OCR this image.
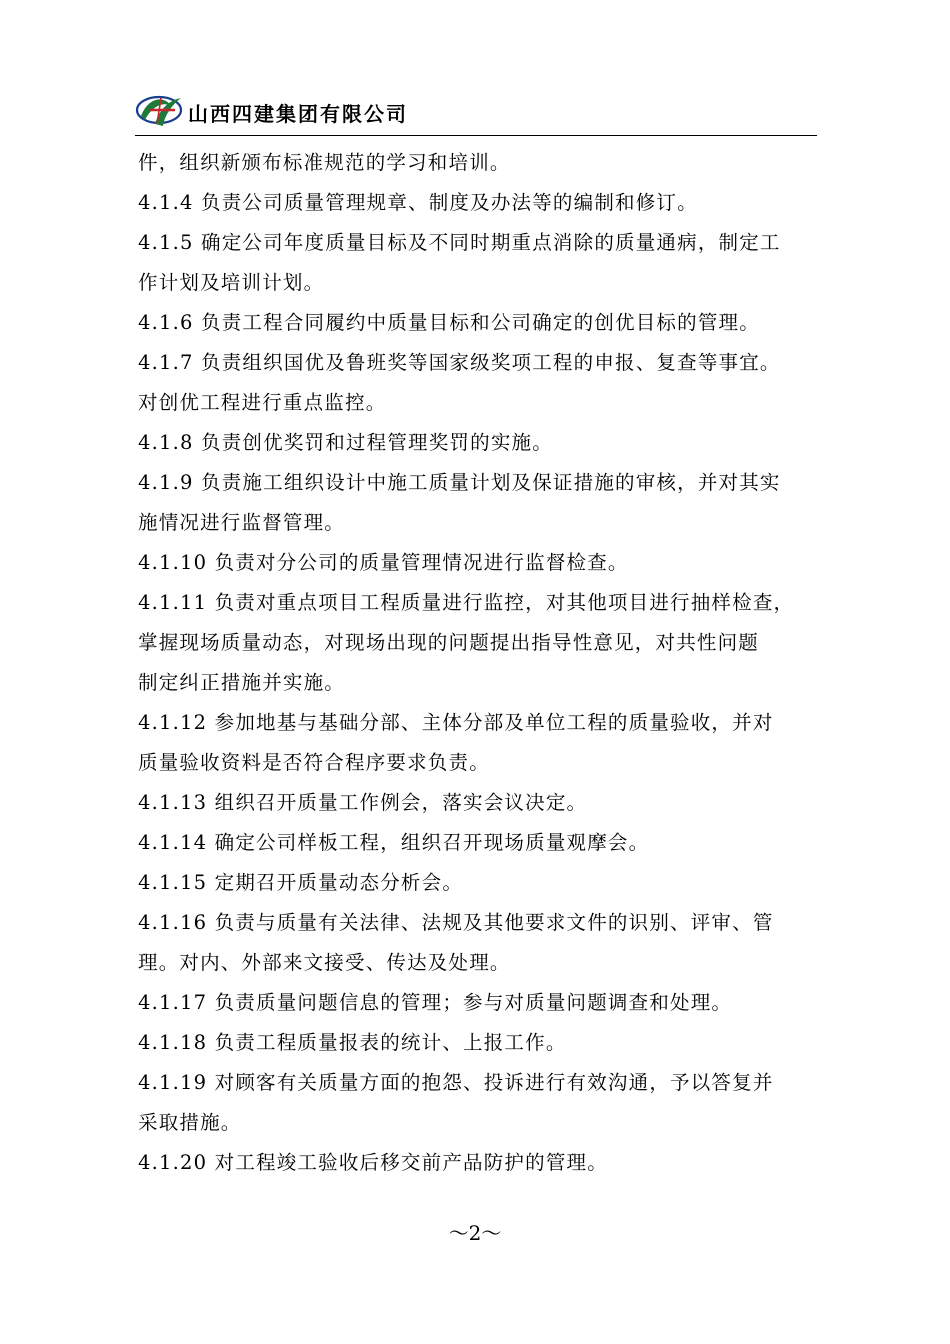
山西四建集团有限公司
件，组织新颁布标准规范的学习和培训。
4.1.4 负责公司质量管理规章、制度及办法等的编制和修订。
4.1.5 确定公司年度质量目标及不同时期重点消除的质量通病，制定工
作计划及培训计划。
4.1.6 负责工程合同履约中质量目标和公司确定的创优目标的管理。
4.1.7 负责组织国优及鲁班奖等国家级奖项工程的申报、复查等事宜。
对创优工程进行重点监控。
4.1.8 负责创优奖罚和过程管理奖罚的实施。
4.1.9 负责施工组织设计中施工质量计划及保证措施的审核，并对其实
施情况进行监督管理。
4.1.10 负责对分公司的质量管理情况进行监督检查。
4.1.11 负责对重点项目工程质量进行监控，对其他项目进行抽样检查，
掌握现场质量动态，对现场出现的问题提出指导性意见，对共性问题
制定纠正措施并实施。
4.1.12 参加地基与基础分部、主体分部及单位工程的质量验收，并对
质量验收资料是否符合程序要求负责。
4.1.13 组织召开质量工作例会，落实会议决定。
4.1.14 确定公司样板工程，组织召开现场质量观摩会。
4.1.15 定期召开质量动态分析会。
4.1.16 负责与质量有关法律、法规及其他要求文件的识别、评审、管
理。对内、外部来文接受、传达及处理。
4.1.17 负责质量问题信息的管理；参与对质量问题调查和处理。
4.1.18 负责工程质量报表的统计、上报工作。
4.1.19 对顾客有关质量方面的抱怨、投诉进行有效沟通，予以答复并
采取措施。
4.1.20 对工程竣工验收后移交前产品防护的管理。
～2～
